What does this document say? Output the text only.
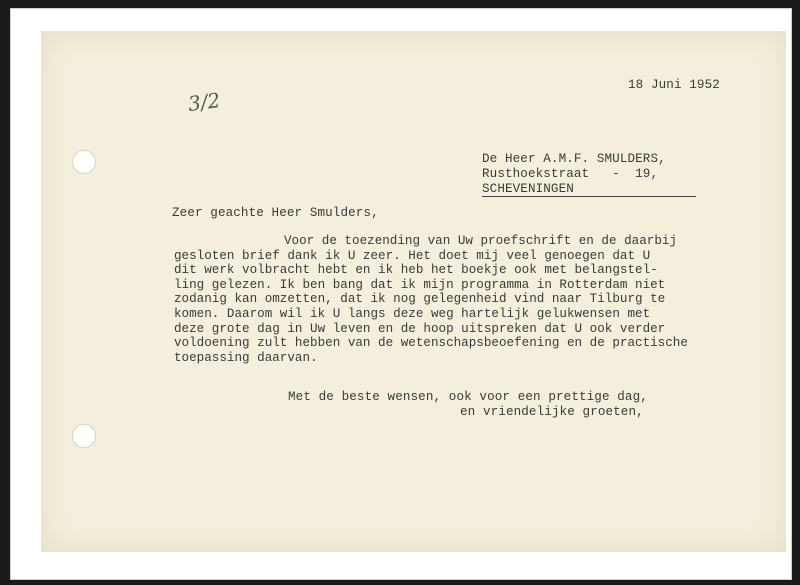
3/2
18 Juni 1952
De Heer A.M.F. SMULDERS,
Rusthoekstraat   -  19,
SCHEVENINGEN
Zeer geachte Heer Smulders,
Voor de toezending van Uw proefschrift en de daarbij
gesloten brief dank ik U zeer. Het doet mij veel genoegen dat U
dit werk volbracht hebt en ik heb het boekje ook met belangstel-
ling gelezen. Ik ben bang dat ik mijn programma in Rotterdam niet
zodanig kan omzetten, dat ik nog gelegenheid vind naar Tilburg te
komen. Daarom wil ik U langs deze weg hartelijk gelukwensen met
deze grote dag in Uw leven en de hoop uitspreken dat U ook verder
voldoening zult hebben van de wetenschapsbeoefening en de practische
toepassing daarvan.
Met de beste wensen, ook voor een prettige dag,
en vriendelijke groeten,
